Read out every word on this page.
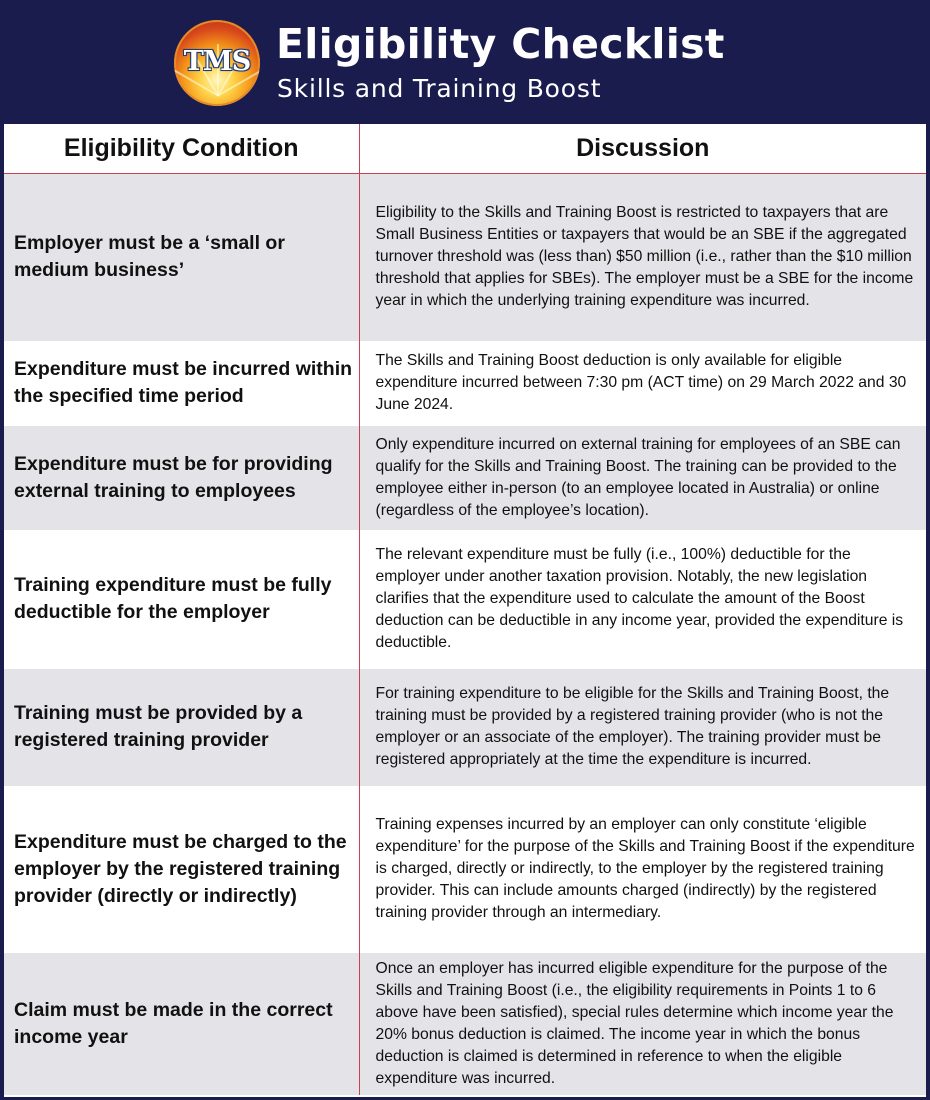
TMS Eligibility Checklist

Skills and Training Boost

Eligibility Condition	Discussion
Employer must be a ‘small or medium business’	Eligibility to the Skills and Training Boost is restricted to taxpayers that are Small Business Entities or taxpayers that would be an SBE if the aggregated turnover threshold was (less than) $50 million (i.e., rather than the $10 million threshold that applies for SBEs). The employer must be a SBE for the income year in which the underlying training expenditure was incurred.
Expenditure must be incurred within the specified time period	The Skills and Training Boost deduction is only available for eligible expenditure incurred between 7:30 pm (ACT time) on 29 March 2022 and 30 June 2024.
Expenditure must be for providing external training to employees	Only expenditure incurred on external training for employees of an SBE can qualify for the Skills and Training Boost. The training can be provided to the employee either in-person (to an employee located in Australia) or online (regardless of the employee’s location).
Training expenditure must be fully deductible for the employer	The relevant expenditure must be fully (i.e., 100%) deductible for the employer under another taxation provision. Notably, the new legislation clarifies that the expenditure used to calculate the amount of the Boost deduction can be deductible in any income year, provided the expenditure is deductible.
Training must be provided by a registered training provider	For training expenditure to be eligible for the Skills and Training Boost, the training must be provided by a registered training provider (who is not the employer or an associate of the employer). The training provider must be registered appropriately at the time the expenditure is incurred.
Expenditure must be charged to the employer by the registered training provider (directly or indirectly)	Training expenses incurred by an employer can only constitute ‘eligible expenditure’ for the purpose of the Skills and Training Boost if the expenditure is charged, directly or indirectly, to the employer by the registered training provider. This can include amounts charged (indirectly) by the registered training provider through an intermediary.
Claim must be made in the correct income year	Once an employer has incurred eligible expenditure for the purpose of the Skills and Training Boost (i.e., the eligibility requirements in Points 1 to 6 above have been satisfied), special rules determine which income year the 20% bonus deduction is claimed. The income year in which the bonus deduction is claimed is determined in reference to when the eligible expenditure was incurred.
